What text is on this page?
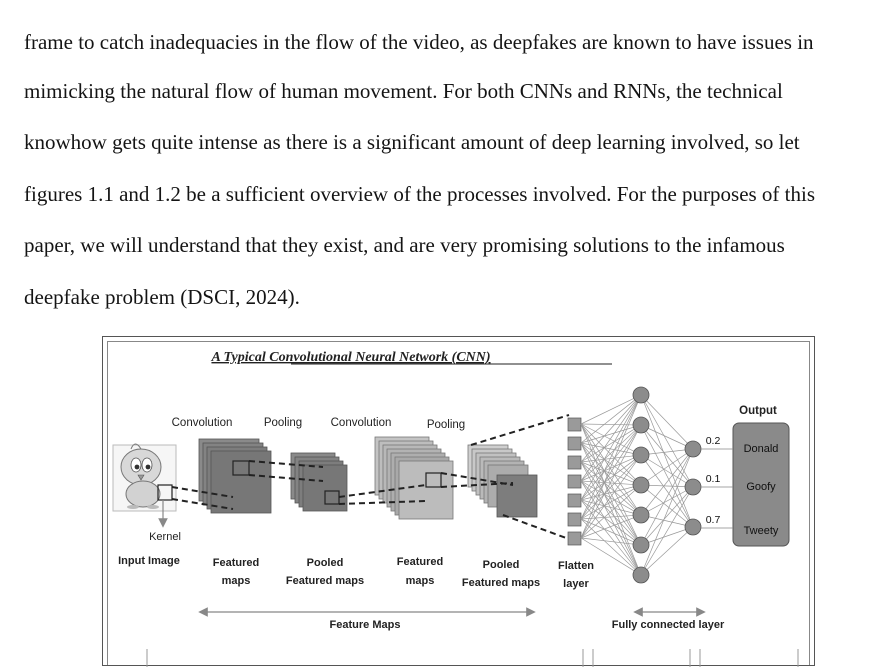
frame to catch inadequacies in the flow of the video, as deepfakes are known to have issues in
mimicking the natural flow of human movement. For both CNNs and RNNs, the technical
knowhow gets quite intense as there is a significant amount of deep learning involved, so let
figures 1.1 and 1.2 be a sufficient overview of the processes involved. For the purposes of this
paper, we will understand that they exist, and are very promising solutions to the infamous
deepfake problem (DSCI, 2024).
A Typical Convolutional Neural Network (CNN)
Convolution	Pooling Convolution	Pooling
Output
Kernel
Donald
Goofy
Tweety
0.2
0.1
0.7
Input Image	Featured
maps
Pooled
Featured maps
Featured
maps
Pooled
Featured maps
Flatten
layer
Feature Maps	Fully connected layer
